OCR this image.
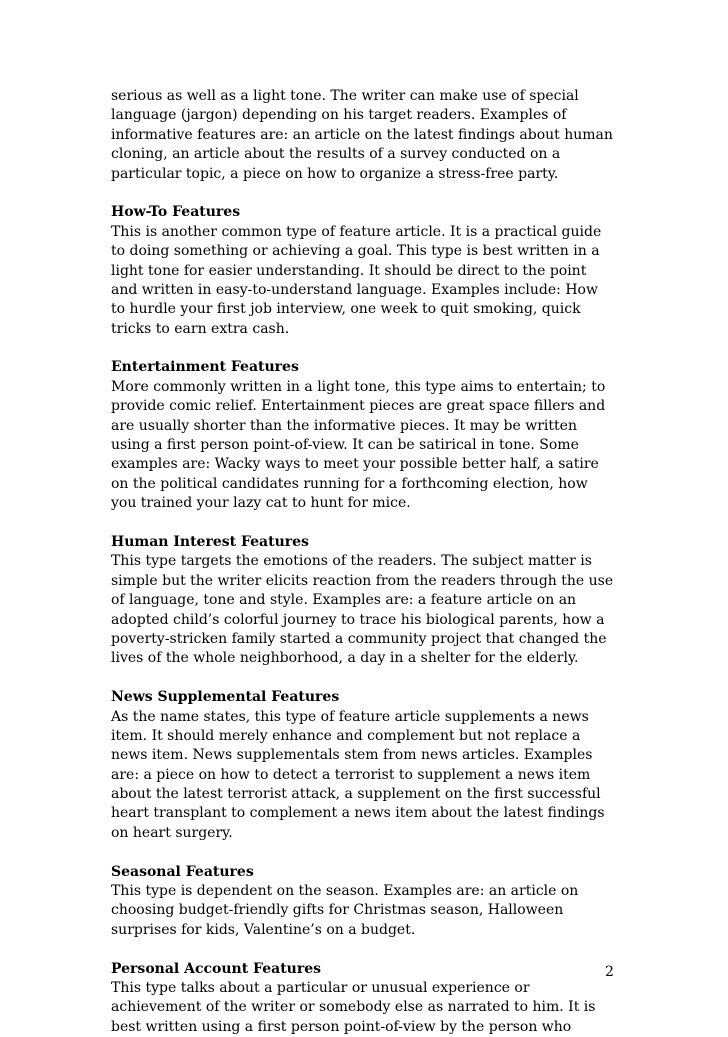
serious as well as a light tone. The writer can make use of special
language (jargon) depending on his target readers. Examples of
informative features are: an article on the latest findings about human
cloning, an article about the results of a survey conducted on a
particular topic, a piece on how to organize a stress-free party.

How-To Features

This is another common type of feature article. It is a practical guide
to doing something or achieving a goal. This type is best written in a
light tone for easier understanding. It should be direct to the point
and written in easy-to-understand language. Examples include: How
to hurdle your first job interview, one week to quit smoking, quick
tricks to earn extra cash.

Entertainment Features

More commonly written in a light tone, this type aims to entertain; to
provide comic relief. Entertainment pieces are great space fillers and
are usually shorter than the informative pieces. It may be written
using a first person point-of-view. It can be satirical in tone. Some
examples are: Wacky ways to meet your possible better half, a satire
on the political candidates running for a forthcoming election, how
you trained your lazy cat to hunt for mice.

Human Interest Features

This type targets the emotions of the readers. The subject matter is
simple but the writer elicits reaction from the readers through the use
of language, tone and style. Examples are: a feature article on an
adopted child’s colorful journey to trace his biological parents, how a
poverty-stricken family started a community project that changed the
lives of the whole neighborhood, a day in a shelter for the elderly.

News Supplemental Features

As the name states, this type of feature article supplements a news
item. It should merely enhance and complement but not replace a
news item. News supplementals stem from news articles. Examples
are: a piece on how to detect a terrorist to supplement a news item
about the latest terrorist attack, a supplement on the first successful
heart transplant to complement a news item about the latest findings
on heart surgery.

Seasonal Features

This type is dependent on the season. Examples are: an article on
choosing budget-friendly gifts for Christmas season, Halloween
surprises for kids, Valentine’s on a budget.

Personal Account Features

This type talks about a particular or unusual experience or
achievement of the writer or somebody else as narrated to him. It is
best written using a first person point-of-view by the person who

2
